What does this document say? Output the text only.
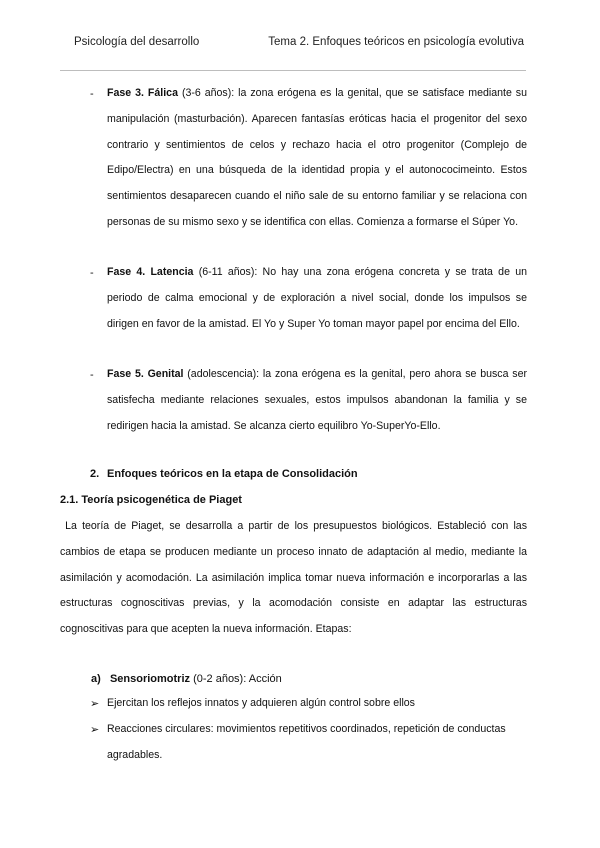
Psicología del desarrollo	Tema 2. Enfoques teóricos en psicología evolutiva
- Fase 3. Fálica (3-6 años): la zona erógena es la genital, que se satisface mediante su manipulación (masturbación). Aparecen fantasías eróticas hacia el progenitor del sexo contrario y sentimientos de celos y rechazo hacia el otro progenitor (Complejo de Edipo/Electra) en una búsqueda de la identidad propia y el autonococimeinto. Estos sentimientos desaparecen cuando el niño sale de su entorno familiar y se relaciona con personas de su mismo sexo y se identifica con ellas. Comienza a formarse el Súper Yo.
- Fase 4. Latencia (6-11 años): No hay una zona erógena concreta y se trata de un periodo de calma emocional y de exploración a nivel social, donde los impulsos se dirigen en favor de la amistad. El Yo y Super Yo toman mayor papel por encima del Ello.
- Fase 5. Genital (adolescencia): la zona erógena es la genital, pero ahora se busca ser satisfecha mediante relaciones sexuales, estos impulsos abandonan la familia y se redirigen hacia la amistad. Se alcanza cierto equilibro Yo-SuperYo-Ello.
2. Enfoques teóricos en la etapa de Consolidación
2.1. Teoría psicogenética de Piaget
La teoría de Piaget, se desarrolla a partir de los presupuestos biológicos. Estableció con las cambios de etapa se producen mediante un proceso innato de adaptación al medio, mediante la asimilación y acomodación. La asimilación implica tomar nueva información e incorporarlas a las estructuras cognoscitivas previas, y la acomodación consiste en adaptar las estructuras cognoscitivas para que acepten la nueva información. Etapas:
a) Sensoriomotriz (0-2 años): Acción
➢ Ejercitan los reflejos innatos y adquieren algún control sobre ellos
➢ Reacciones circulares: movimientos repetitivos coordinados, repetición de conductas agradables.
